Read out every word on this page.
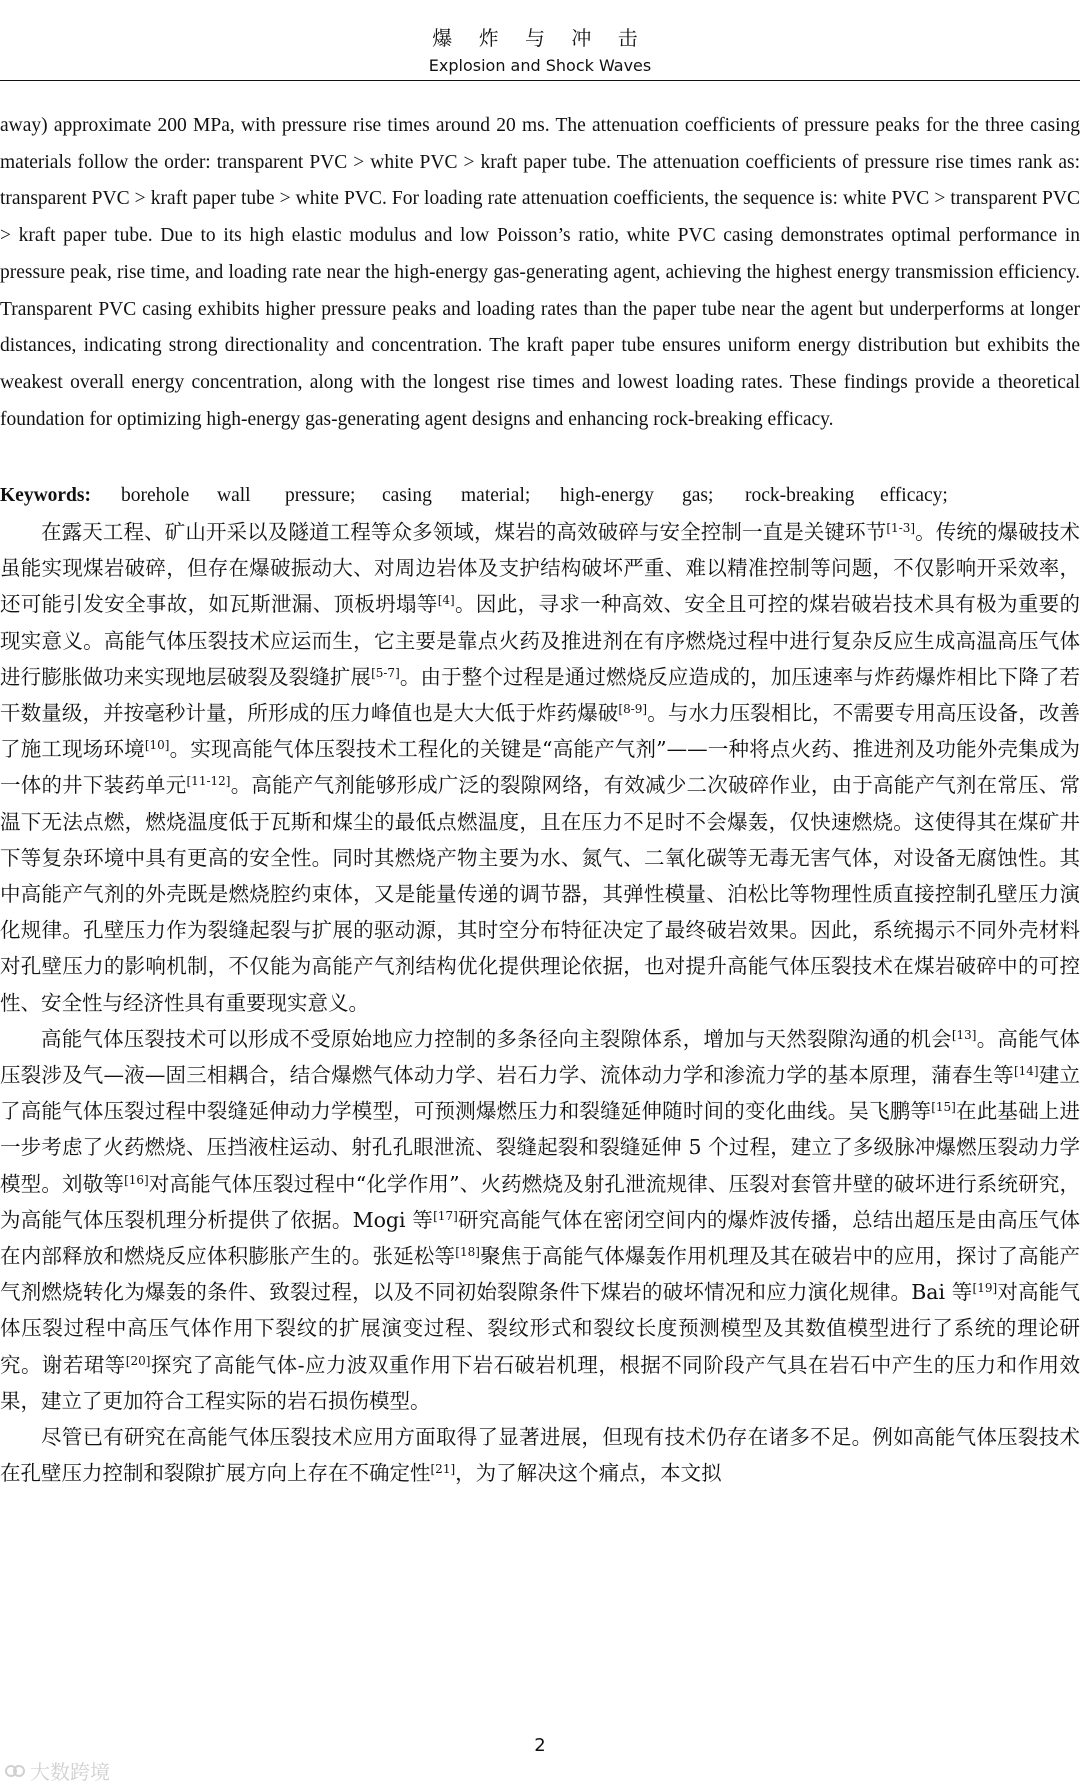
爆 炸 与 冲 击
Explosion and Shock Waves
away) approximate 200 MPa, with pressure rise times around 20 ms. The attenuation coefficients of pressure peaks for the three casing materials follow the order: transparent PVC > white PVC > kraft paper tube. The attenuation coefficients of pressure rise times rank as: transparent PVC > kraft paper tube > white PVC. For loading rate attenuation coefficients, the sequence is: white PVC > transparent PVC > kraft paper tube. Due to its high elastic modulus and low Poisson’s ratio, white PVC casing demonstrates optimal performance in pressure peak, rise time, and loading rate near the high-energy gas-generating agent, achieving the highest energy transmission efficiency. Transparent PVC casing exhibits higher pressure peaks and loading rates than the paper tube near the agent but underperforms at longer distances, indicating strong directionality and concentration. The kraft paper tube ensures uniform energy distribution but exhibits the weakest overall energy concentration, along with the longest rise times and lowest loading rates. These findings provide a theoretical foundation for optimizing high-energy gas-generating agent designs and enhancing rock-breaking efficacy.
Keywords: borehole wall pressure; casing material; high-energy gas; rock-breaking efficacy;

在露天工程、矿山开采以及隧道工程等众多领域，煤岩的高效破碎与安全控制一直是关键环节[1-3]。传统的爆破技术虽能实现煤岩破碎，但存在爆破振动大、对周边岩体及支护结构破坏严重、难以精准控制等问题，不仅影响开采效率，还可能引发安全事故，如瓦斯泄漏、顶板坍塌等[4]。因此，寻求一种高效、安全且可控的煤岩破岩技术具有极为重要的现实意义。高能气体压裂技术应运而生，它主要是靠点火药及推进剂在有序燃烧过程中进行复杂反应生成高温高压气体进行膨胀做功来实现地层破裂及裂缝扩展[5-7]。由于整个过程是通过燃烧反应造成的，加压速率与炸药爆炸相比下降了若干数量级，并按毫秒计量，所形成的压力峰值也是大大低于炸药爆破[8-9]。与水力压裂相比，不需要专用高压设备，改善了施工现场环境[10]。实现高能气体压裂技术工程化的关键是“高能产气剂”——一种将点火药、推进剂及功能外壳集成为一体的井下装药单元[11-12]。高能产气剂能够形成广泛的裂隙网络，有效减少二次破碎作业，由于高能产气剂在常压、常温下无法点燃，燃烧温度低于瓦斯和煤尘的最低点燃温度，且在压力不足时不会爆轰，仅快速燃烧。这使得其在煤矿井下等复杂环境中具有更高的安全性。同时其燃烧产物主要为水、氮气、二氧化碳等无毒无害气体，对设备无腐蚀性。其中高能产气剂的外壳既是燃烧腔约束体，又是能量传递的调节器，其弹性模量、泊松比等物理性质直接控制孔壁压力演化规律。孔壁压力作为裂缝起裂与扩展的驱动源，其时空分布特征决定了最终破岩效果。因此，系统揭示不同外壳材料对孔壁压力的影响机制，不仅能为高能产气剂结构优化提供理论依据，也对提升高能气体压裂技术在煤岩破碎中的可控性、安全性与经济性具有重要现实意义。

高能气体压裂技术可以形成不受原始地应力控制的多条径向主裂隙体系，增加与天然裂隙沟通的机会[13]。高能气体压裂涉及气—液—固三相耦合，结合爆燃气体动力学、岩石力学、流体动力学和渗流力学的基本原理，蒲春生等[14]建立了高能气体压裂过程中裂缝延伸动力学模型，可预测爆燃压力和裂缝延伸随时间的变化曲线。吴飞鹏等[15]在此基础上进一步考虑了火药燃烧、压挡液柱运动、射孔孔眼泄流、裂缝起裂和裂缝延伸 5 个过程，建立了多级脉冲爆燃压裂动力学模型。刘敬等[16]对高能气体压裂过程中“化学作用”、火药燃烧及射孔泄流规律、压裂对套管井壁的破坏进行系统研究，为高能气体压裂机理分析提供了依据。Mogi 等[17]研究高能气体在密闭空间内的爆炸波传播，总结出超压是由高压气体在内部释放和燃烧反应体积膨胀产生的。张延松等[18]聚焦于高能气体爆轰作用机理及其在破岩中的应用，探讨了高能产气剂燃烧转化为爆轰的条件、致裂过程，以及不同初始裂隙条件下煤岩的破坏情况和应力演化规律。Bai 等[19]对高能气体压裂过程中高压气体作用下裂纹的扩展演变过程、裂纹形式和裂纹长度预测模型及其数值模型进行了系统的理论研究。谢若珺等[20]探究了高能气体-应力波双重作用下岩石破岩机理，根据不同阶段产气具在岩石中产生的压力和作用效果，建立了更加符合工程实际的岩石损伤模型。

尽管已有研究在高能气体压裂技术应用方面取得了显著进展，但现有技术仍存在诸多不足。例如高能气体压裂技术在孔壁压力控制和裂隙扩展方向上存在不确定性[21]，为了解决这个痛点，本文拟

2
大数跨境
